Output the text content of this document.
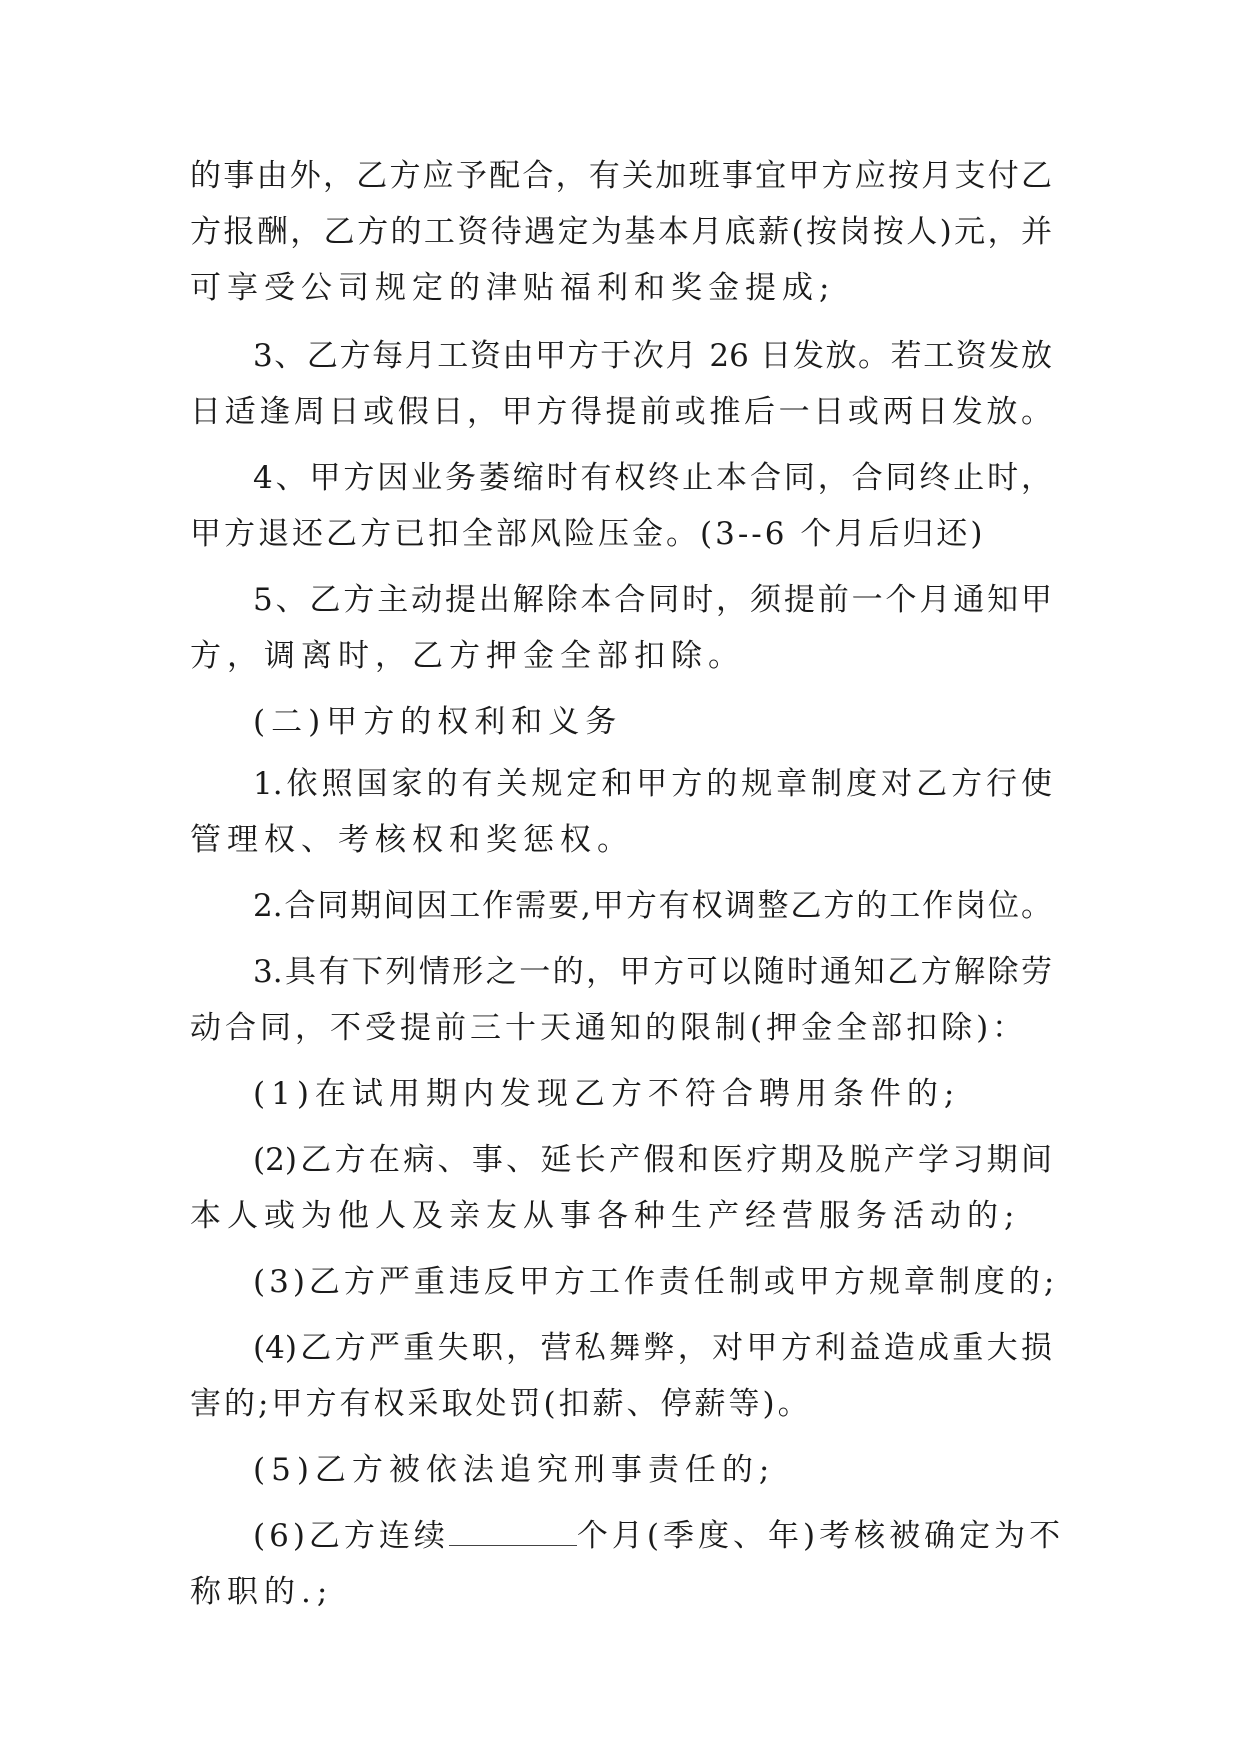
的事由外，乙方应予配合，有关加班事宜甲方应按月支付乙
方报酬，乙方的工资待遇定为基本月底薪(按岗按人)元，并
可享受公司规定的津贴福利和奖金提成;
3、乙方每月工资由甲方于次月 26 日发放。若工资发放
日适逢周日或假日，甲方得提前或推后一日或两日发放。
4、甲方因业务萎缩时有权终止本合同，合同终止时，
甲方退还乙方已扣全部风险压金。(3--6 个月后归还)
5、乙方主动提出解除本合同时，须提前一个月通知甲
方，调离时，乙方押金全部扣除。
(二)甲方的权利和义务
1.依照国家的有关规定和甲方的规章制度对乙方行使
管理权、考核权和奖惩权。
2.合同期间因工作需要,甲方有权调整乙方的工作岗位。
3.具有下列情形之一的，甲方可以随时通知乙方解除劳
动合同，不受提前三十天通知的限制(押金全部扣除)：
(1)在试用期内发现乙方不符合聘用条件的;
(2)乙方在病、事、延长产假和医疗期及脱产学习期间
本人或为他人及亲友从事各种生产经营服务活动的;
(3)乙方严重违反甲方工作责任制或甲方规章制度的;
(4)乙方严重失职，营私舞弊，对甲方利益造成重大损
害的;甲方有权采取处罚(扣薪、停薪等)。
(5)乙方被依法追究刑事责任的;
(6)乙方连续	个月(季度、年)考核被确定为不
称职的.;
